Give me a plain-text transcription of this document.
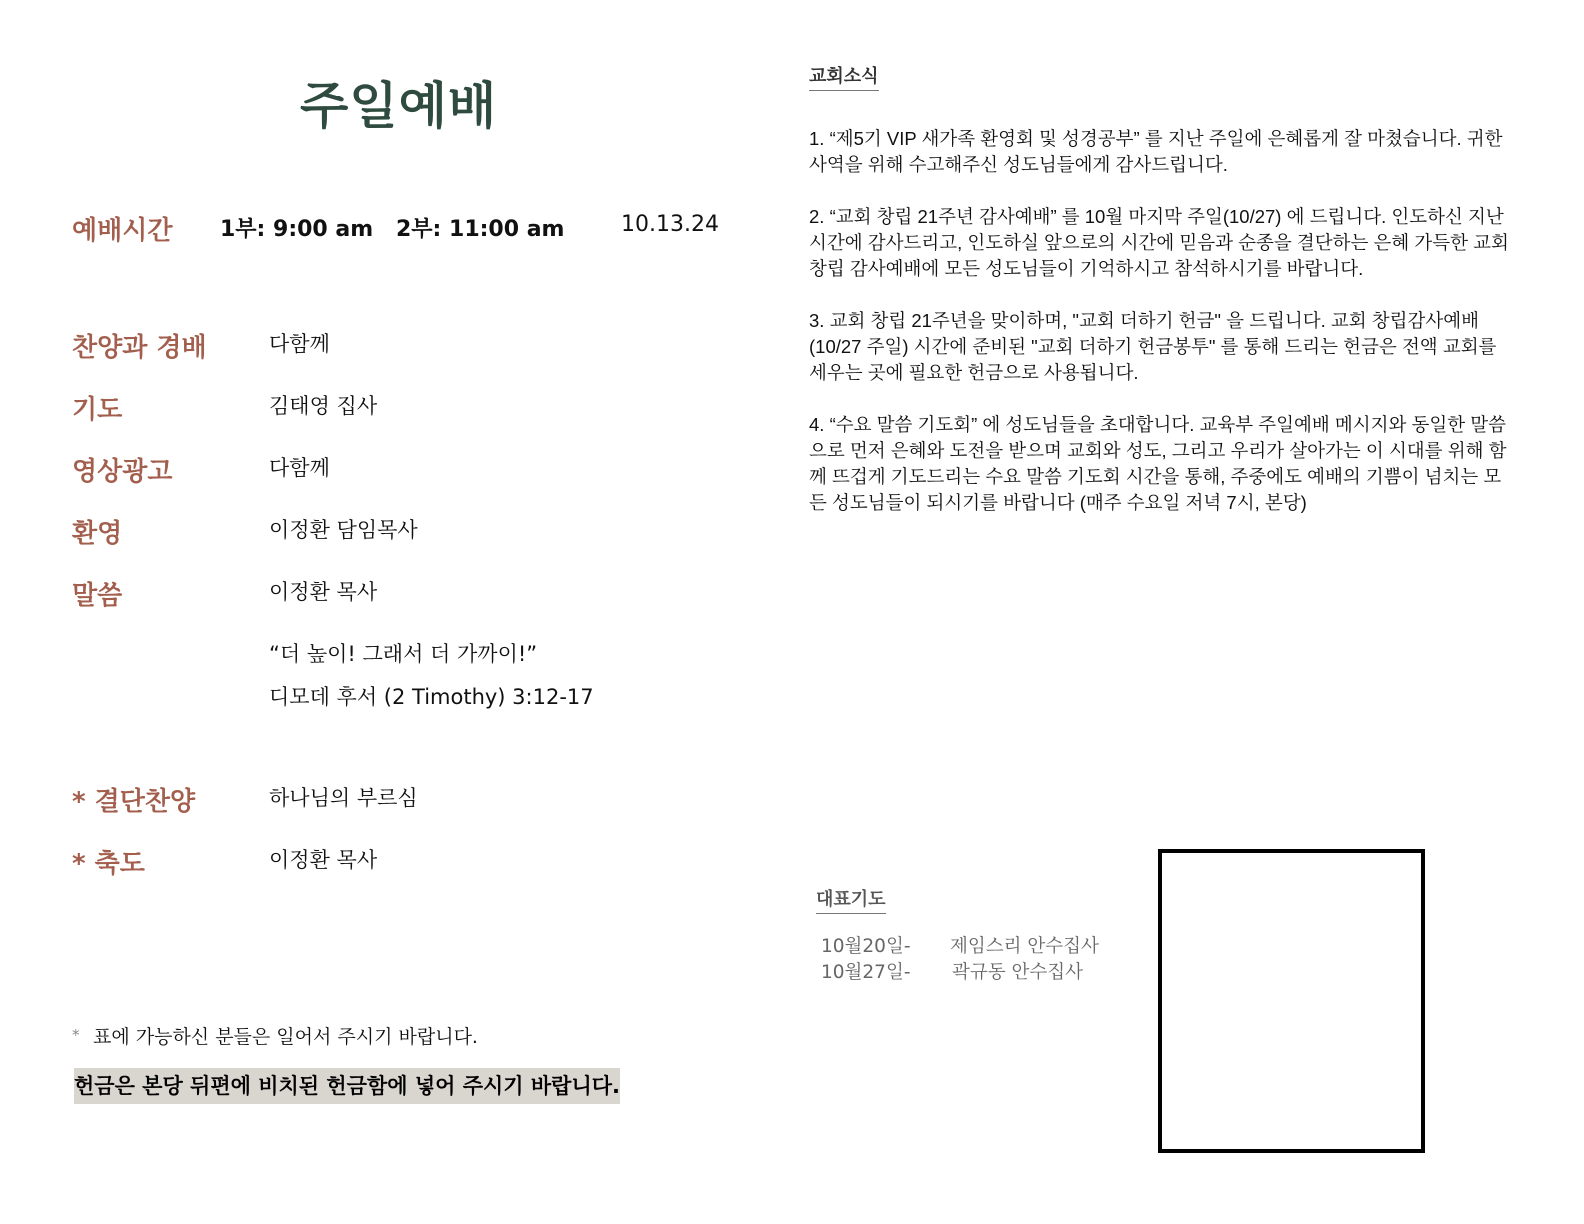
주일예배
예배시간 1부: 9:00 am 2부: 11:00 am	10.13.24
찬양과 경배	다함께
기도	김태영 집사
영상광고	다함께
환영	이정환 담임목사
말씀	이정환 목사
“더 높이! 그래서 더 가까이!”
디모데 후서 (2 Timothy) 3:12-17
* 결단찬양	하나님의 부르심
* 축도	이정환 목사
* 표에 가능하신 분들은 일어서 주시기 바랍니다.
헌금은 본당 뒤편에 비치된 헌금함에 넣어 주시기 바랍니다.
교회소식

1. “제5기 VIP 새가족 환영회 및 성경공부” 를 지난 주일에 은혜롭게 잘 마쳤습니다. 귀한 사역을 위해 수고해주신 성도님들에게 감사드립니다.

2. “교회 창립 21주년 감사예배” 를 10월 마지막 주일(10/27) 에 드립니다. 인도하신 지난 시간에 감사드리고, 인도하실 앞으로의 시간에 믿음과 순종을 결단하는 은혜 가득한 교회 창립 감사예배에 모든 성도님들이 기억하시고 참석하시기를 바랍니다.

3. 교회 창립 21주년을 맞이하며, "교회 더하기 헌금" 을 드립니다. 교회 창립감사예배 (10/27 주일) 시간에 준비된 "교회 더하기 헌금봉투" 를 통해 드리는 헌금은 전액 교회를 세우는 곳에 필요한 헌금으로 사용됩니다.

4. “수요 말씀 기도회” 에 성도님들을 초대합니다. 교육부 주일예배 메시지와 동일한 말씀으로 먼저 은혜와 도전을 받으며 교회와 성도, 그리고 우리가 살아가는 이 시대를 위해 함께 뜨겁게 기도드리는 수요 말씀 기도회 시간을 통해, 주중에도 예배의 기쁨이 넘치는 모든 성도님들이 되시기를 바랍니다 (매주 수요일 저녁 7시, 본당)

대표기도
10월20일- 제임스리 안수집사
10월27일- 곽규동 안수집사
